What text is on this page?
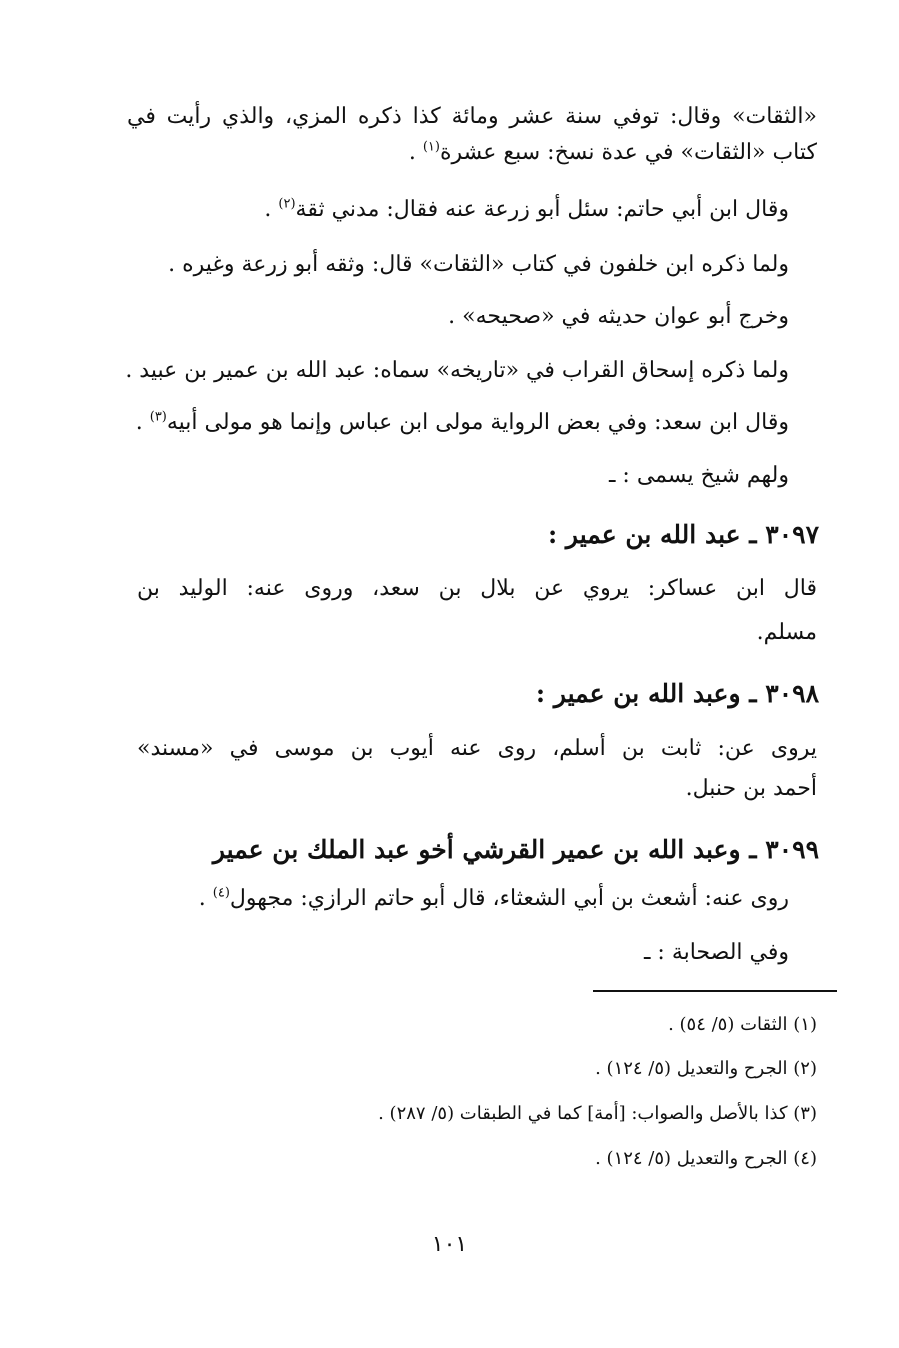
«الثقات» وقال: توفي سنة عشر ومائة كذا ذكره المزي، والذي رأيت في
كتاب «الثقات» في عدة نسخ: سبع عشرة$^{(١)}$ .
وقال ابن أبي حاتم: سئل أبو زرعة عنه فقال: مدني ثقة$^{(٢)}$ .
ولما ذكره ابن خلفون في كتاب «الثقات» قال: وثقه أبو زرعة وغيره .
وخرج أبو عوان حديثه في «صحيحه» .
ولما ذكره إسحاق القراب في «تاريخه» سماه: عبد الله بن عمير بن عبيد .
وقال ابن سعد: وفي بعض الرواية مولى ابن عباس وإنما هو مولى أبيه$^{(٣)}$ .
ولهم شيخ يسمى : ـ
٣٠٩٧ ـ عبد الله بن عمير :
قال ابن عساكر: يروي عن بلال بن سعد، وروى عنه: الوليد بن
مسلم.
٣٠٩٨ ـ وعبد الله بن عمير :
يروى عن: ثابت بن أسلم، روى عنه أيوب بن موسى في «مسند»
أحمد بن حنبل.
٣٠٩٩ ـ وعبد الله بن عمير القرشي أخو عبد الملك بن عمير
روى عنه: أشعث بن أبي الشعثاء، قال أبو حاتم الرازي: مجهول$^{(٤)}$ .
وفي الصحابة : ـ
(١) الثقات (٥/ ٥٤) .
(٢) الجرح والتعديل (٥/ ١٢٤) .
(٣) كذا بالأصل والصواب: [أمة] كما في الطبقات (٥/ ٢٨٧) .
(٤) الجرح والتعديل (٥/ ١٢٤) .
١٠١
